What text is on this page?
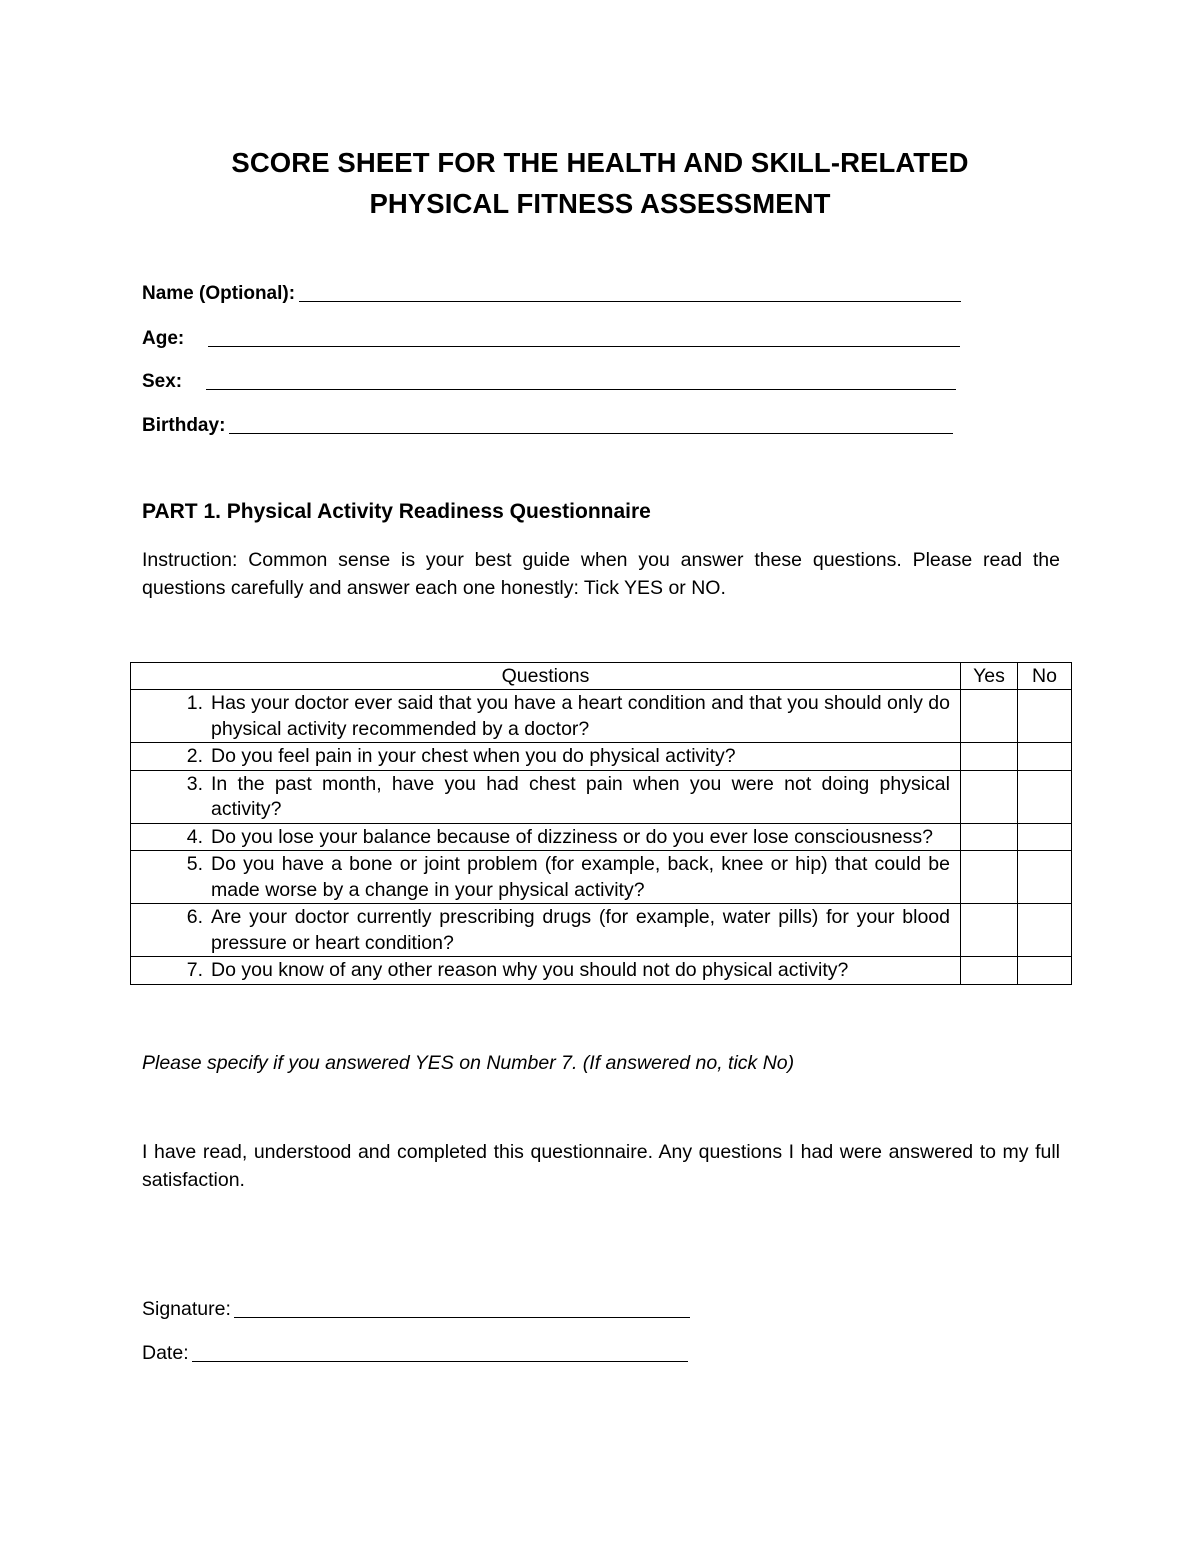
SCORE SHEET FOR THE HEALTH AND SKILL-RELATED
PHYSICAL FITNESS ASSESSMENT
Name (Optional):
Age:
Sex:
Birthday:
PART 1. Physical Activity Readiness Questionnaire
Instruction: Common sense is your best guide when you answer these questions. Please read the questions carefully and answer each one honestly: Tick YES or NO.
Questions	Yes	No

1. Has your doctor ever said that you have a heart condition and that you should only do physical activity recommended by a doctor?		

2. Do you feel pain in your chest when you do physical activity?		

3. In the past month, have you had chest pain when you were not doing physical activity?		

4. Do you lose your balance because of dizziness or do you ever lose consciousness?		

5. Do you have a bone or joint problem (for example, back, knee or hip) that could be made worse by a change in your physical activity?		

6. Are your doctor currently prescribing drugs (for example, water pills) for your blood pressure or heart condition?		

7. Do you know of any other reason why you should not do physical activity?		

Please specify if you answered YES on Number 7. (If answered no, tick No)
I have read, understood and completed this questionnaire. Any questions I had were answered to my full satisfaction.
Signature:
Date:
